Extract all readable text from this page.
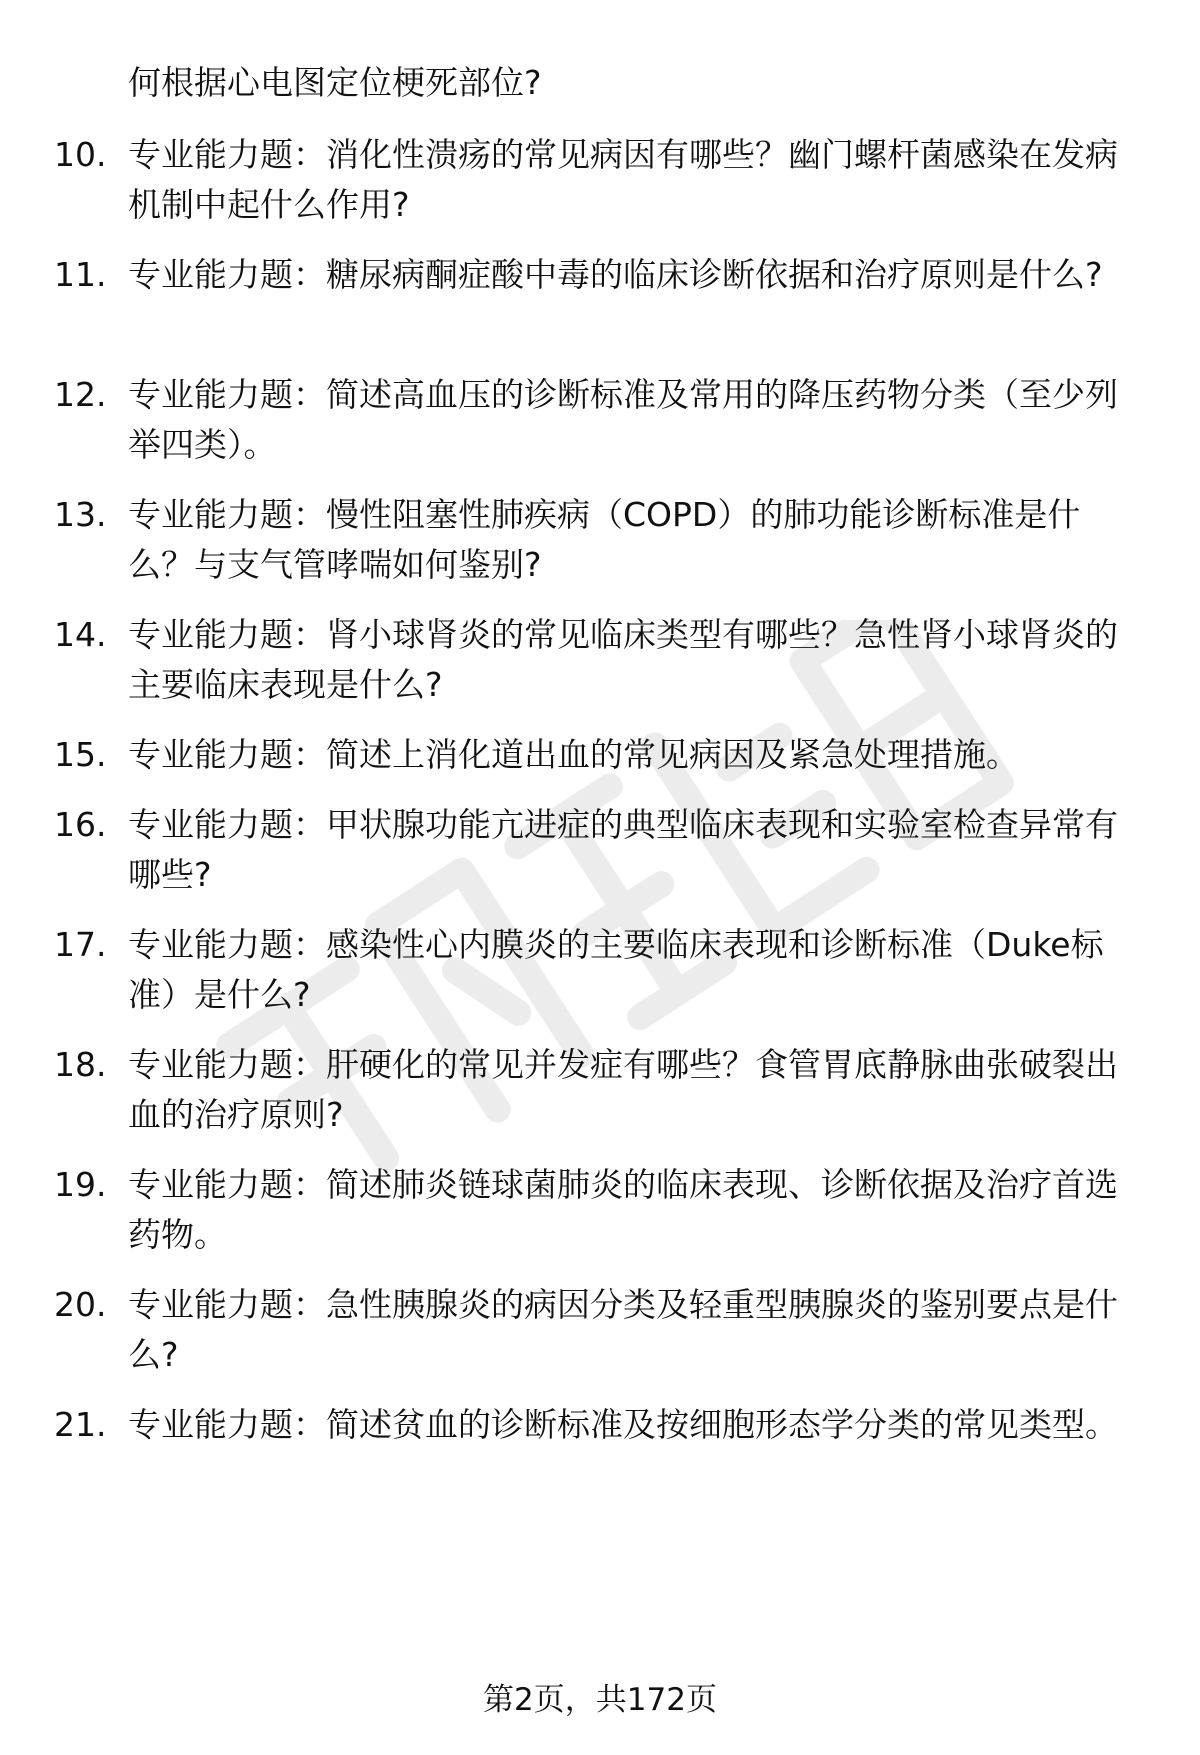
何根据心电图定位梗死部位?
10. 专业能力题：消化性溃疡的常见病因有哪些？幽门螺杆菌感染在发病机制中起什么作用?
11. 专业能力题：糖尿病酮症酸中毒的临床诊断依据和治疗原则是什么?
12. 专业能力题：简述高血压的诊断标准及常用的降压药物分类（至少列举四类）。
13. 专业能力题：慢性阻塞性肺疾病（COPD）的肺功能诊断标准是什么？与支气管哮喘如何鉴别?
14. 专业能力题：肾小球肾炎的常见临床类型有哪些？急性肾小球肾炎的主要临床表现是什么?
15. 专业能力题：简述上消化道出血的常见病因及紧急处理措施。
16. 专业能力题：甲状腺功能亢进症的典型临床表现和实验室检查异常有哪些?
17. 专业能力题：感染性心内膜炎的主要临床表现和诊断标准（Duke标准）是什么?
18. 专业能力题：肝硬化的常见并发症有哪些？食管胃底静脉曲张破裂出血的治疗原则?
19. 专业能力题：简述肺炎链球菌肺炎的临床表现、诊断依据及治疗首选药物。
20. 专业能力题：急性胰腺炎的病因分类及轻重型胰腺炎的鉴别要点是什么?
21. 专业能力题：简述贫血的诊断标准及按细胞形态学分类的常见类型。
第2页，共172页
